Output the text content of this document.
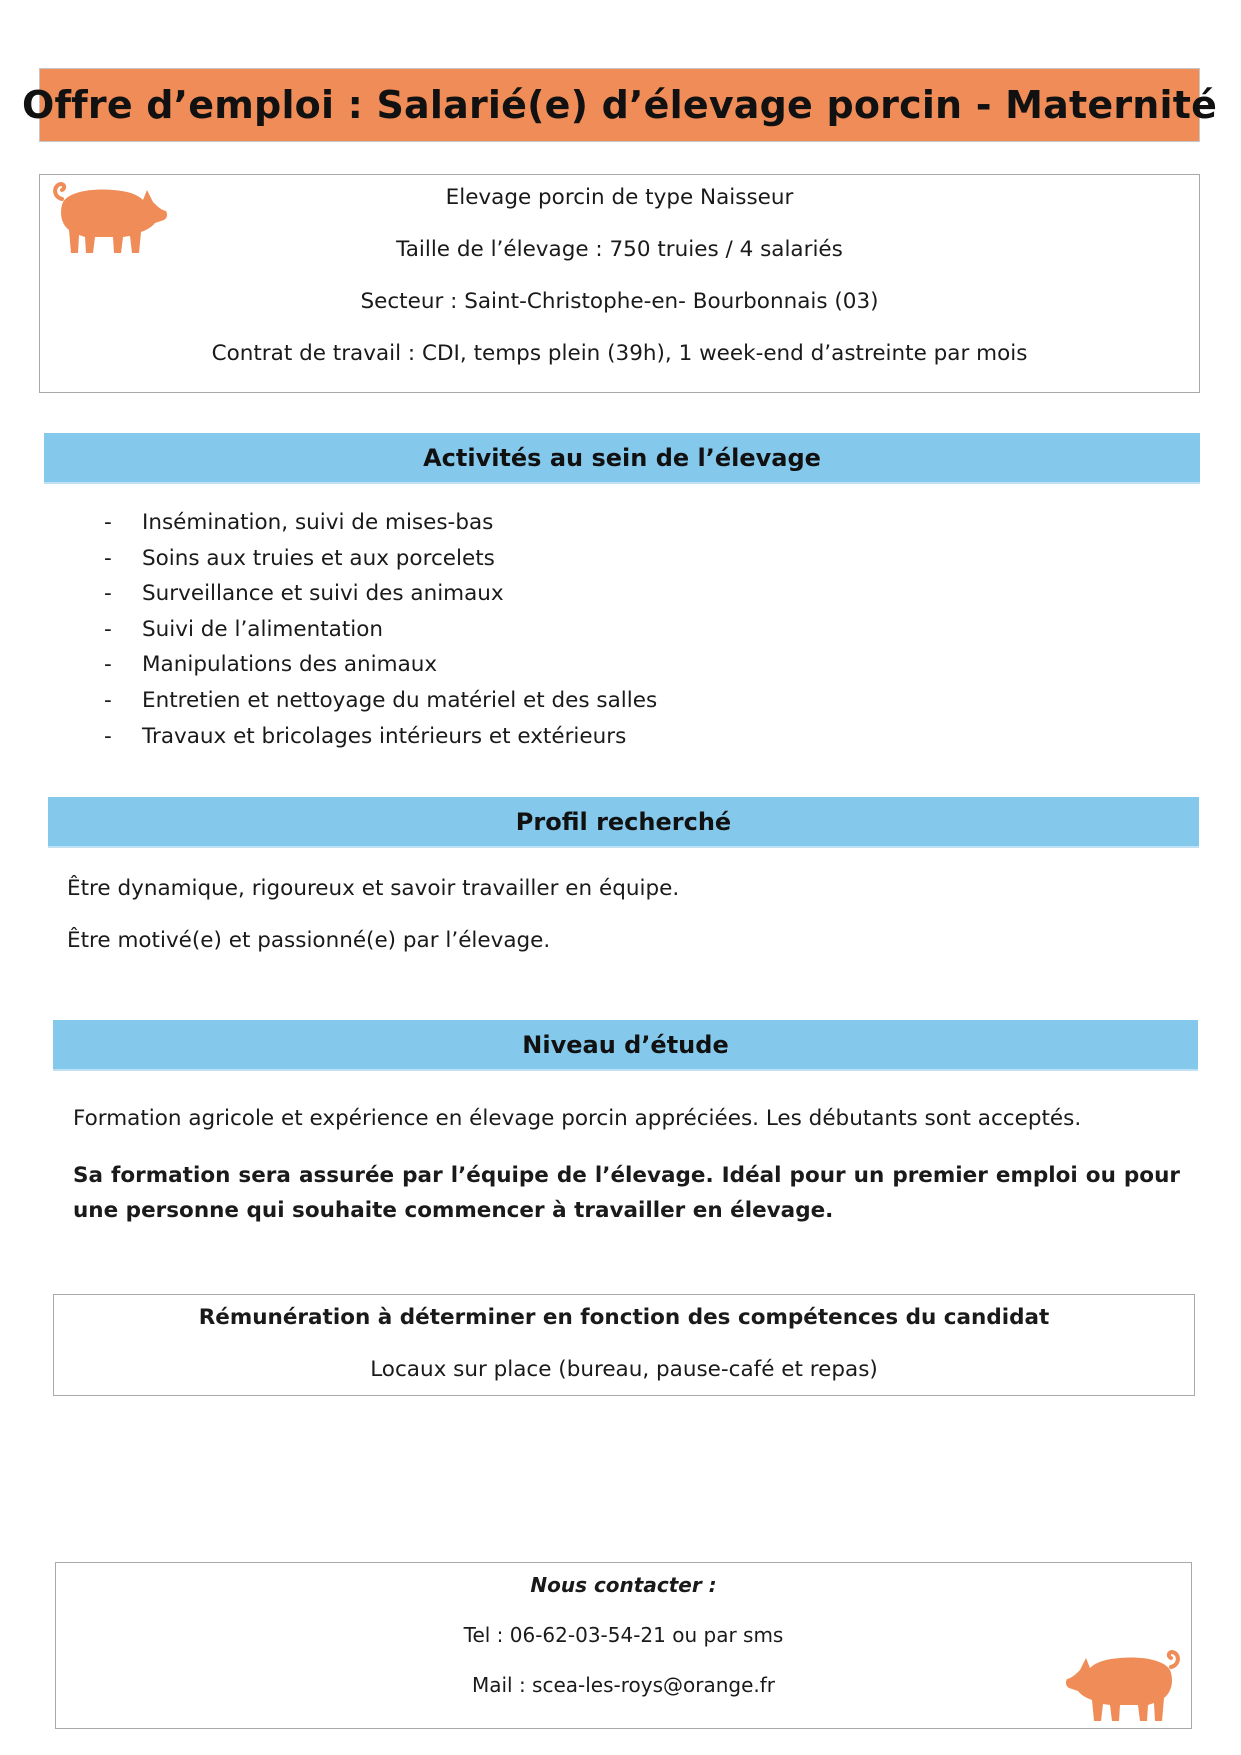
Offre d’emploi : Salarié(e) d’élevage porcin - Maternité
Elevage porcin de type Naisseur
Taille de l’élevage : 750 truies / 4 salariés
Secteur : Saint-Christophe-en- Bourbonnais (03)
Contrat de travail : CDI, temps plein (39h), 1 week-end d’astreinte par mois
Activités au sein de l’élevage
- Insémination, suivi de mises-bas
- Soins aux truies et aux porcelets
- Surveillance et suivi des animaux
- Suivi de l’alimentation
- Manipulations des animaux
- Entretien et nettoyage du matériel et des salles
- Travaux et bricolages intérieurs et extérieurs
Profil recherché
Être dynamique, rigoureux et savoir travailler en équipe.
Être motivé(e) et passionné(e) par l’élevage.
Niveau d’étude
Formation agricole et expérience en élevage porcin appréciées. Les débutants sont acceptés.
Sa formation sera assurée par l’équipe de l’élevage. Idéal pour un premier emploi ou pour une personne qui souhaite commencer à travailler en élevage.
Rémunération à déterminer en fonction des compétences du candidat
Locaux sur place (bureau, pause-café et repas)
Nous contacter :
Tel : 06-62-03-54-21 ou par sms
Mail : scea-les-roys@orange.fr
